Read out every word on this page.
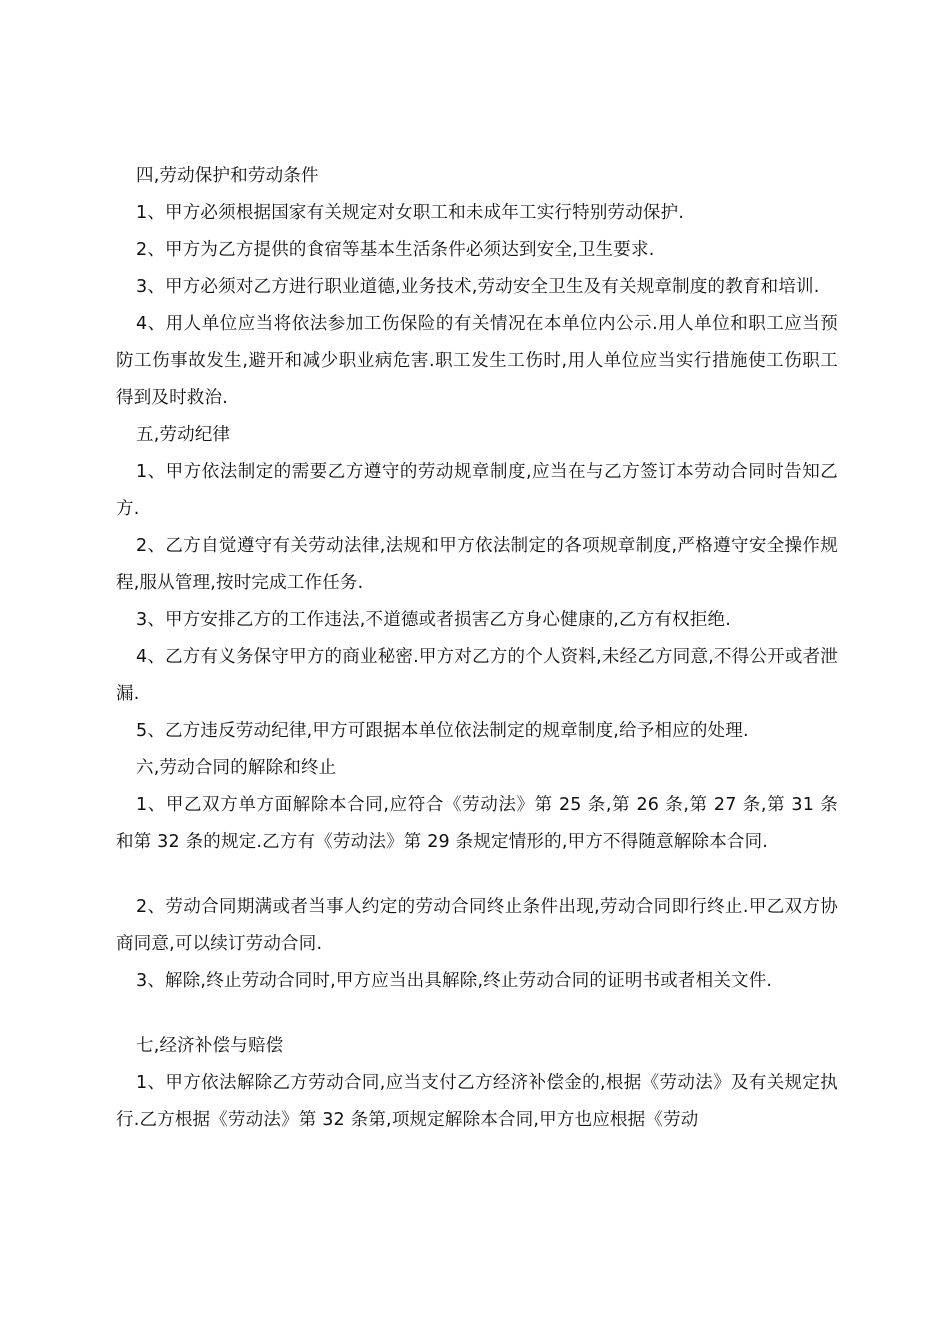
四,劳动保护和劳动条件

1、甲方必须根据国家有关规定对女职工和未成年工实行特别劳动保护.

2、甲方为乙方提供的食宿等基本生活条件必须达到安全,卫生要求.

3、甲方必须对乙方进行职业道德,业务技术,劳动安全卫生及有关规章制度的教育和培训.

4、用人单位应当将依法参加工伤保险的有关情况在本单位内公示.用人单位和职工应当预防工伤事故发生,避开和减少职业病危害.职工发生工伤时,用人单位应当实行措施使工伤职工得到及时救治.

五,劳动纪律

1、甲方依法制定的需要乙方遵守的劳动规章制度,应当在与乙方签订本劳动合同时告知乙方.

2、乙方自觉遵守有关劳动法律,法规和甲方依法制定的各项规章制度,严格遵守安全操作规程,服从管理,按时完成工作任务.

3、甲方安排乙方的工作违法,不道德或者损害乙方身心健康的,乙方有权拒绝.

4、乙方有义务保守甲方的商业秘密.甲方对乙方的个人资料,未经乙方同意,不得公开或者泄漏.

5、乙方违反劳动纪律,甲方可跟据本单位依法制定的规章制度,给予相应的处理.

六,劳动合同的解除和终止

1、甲乙双方单方面解除本合同,应符合《劳动法》第 25 条,第 26 条,第 27 条,第 31 条和第 32 条的规定.乙方有《劳动法》第 29 条规定情形的,甲方不得随意解除本合同.

2、劳动合同期满或者当事人约定的劳动合同终止条件出现,劳动合同即行终止.甲乙双方协商同意,可以续订劳动合同.

3、解除,终止劳动合同时,甲方应当出具解除,终止劳动合同的证明书或者相关文件.

七,经济补偿与赔偿

1、甲方依法解除乙方劳动合同,应当支付乙方经济补偿金的,根据《劳动法》及有关规定执行.乙方根据《劳动法》第 32 条第,项规定解除本合同,甲方也应根据《劳动
